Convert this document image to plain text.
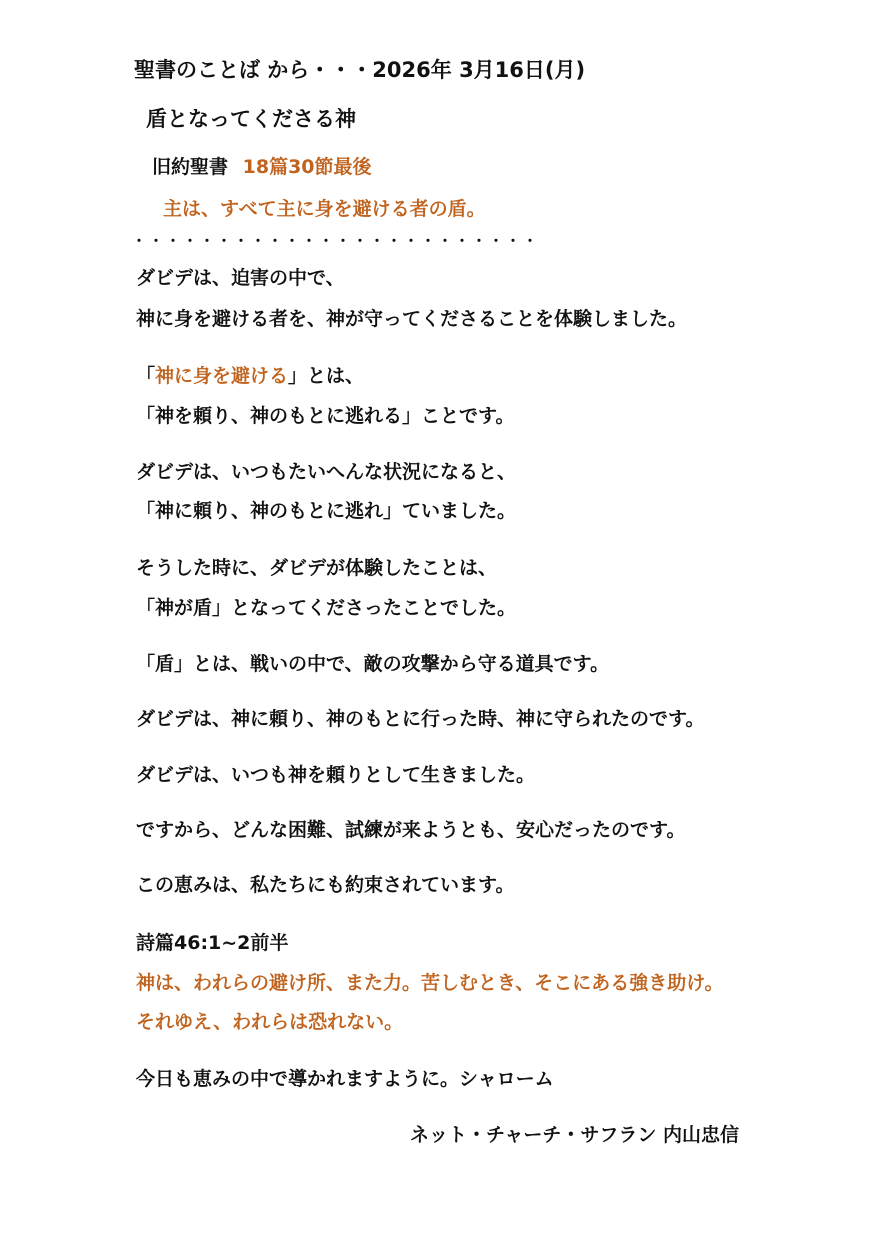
聖書のことば から・・・2026年 3月16日(月)
盾となってくださる神
旧約聖書 18篇30節最後
主は、すべて主に身を避ける者の盾。
・・・・・・・・・・・・・・・・・・・・・・・・
ダビデは、迫害の中で、
神に身を避ける者を、神が守ってくださることを体験しました。
「神に身を避ける」とは、
「神を頼り、神のもとに逃れる」ことです。
ダビデは、いつもたいへんな状況になると、
「神に頼り、神のもとに逃れ」ていました。
そうした時に、ダビデが体験したことは、
「神が盾」となってくださったことでした。
「盾」とは、戦いの中で、敵の攻撃から守る道具です。
ダビデは、神に頼り、神のもとに行った時、神に守られたのです。
ダビデは、いつも神を頼りとして生きました。
ですから、どんな困難、試練が来ようとも、安心だったのです。
この恵みは、私たちにも約束されています。
詩篇46:1~2前半
神は、われらの避け所、また力。苦しむとき、そこにある強き助け。
それゆえ、われらは恐れない。
今日も恵みの中で導かれますように。シャローム
ネット・チャーチ・サフラン 内山忠信
